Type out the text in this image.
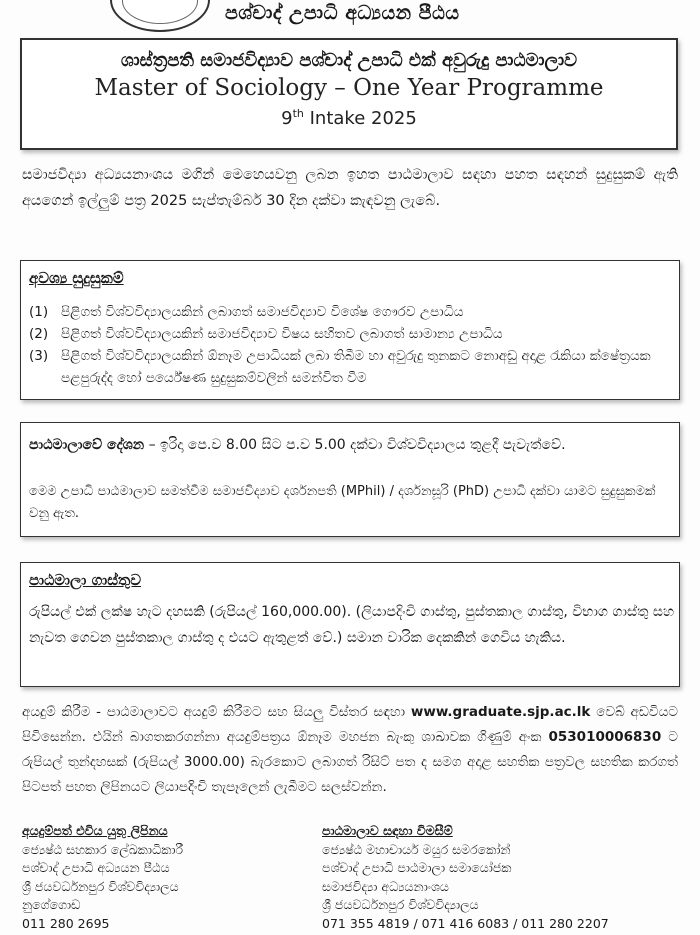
පශ්චාද් උපාධි අධ්‍යයන පීඨය
ශාස්ත්‍රපති සමාජවිද්‍යාව පශ්චාද් උපාධි එක් අවුරුදු පාඨමාලාව
Master of Sociology – One Year Programme
9th Intake 2025
සමාජවිද්‍යා අධ්‍යයනාංශය මගින් මෙහෙයවනු ලබන ඉහත පාඨමාලාව සඳහා පහත සඳහන් සුදුසුකම් ඇති අයගෙන් ඉල්ලුම් පත්‍ර 2025 සැප්තැම්බර් 30 දින දක්වා කැඳවනු ලැබේ.
අවශ්‍ය සුදුසුකම්
(1) පිළිගත් විශ්වවිද්‍යාලයකින් ලබාගත් සමාජවිද්‍යාව විශේෂ ගෞරව උපාධිය
(2) පිළිගත් විශ්වවිද්‍යාලයකින් සමාජවිද්‍යාව විෂය සහිතව ලබාගත් සාමාන්‍ය උපාධිය
(3) පිළිගත් විශ්වවිද්‍යාලයකින් ඕනෑම උපාධියක් ලබා තිබීම හා අවුරුදු තුනකට නොඅඩු අදාළ රැකියා ක්ෂේත්‍රයක පළපුරුද්ද හෝ පර්යේෂණ සුදුසුකම්වලින් සමන්විත වීම
පාඨමාලාවේ දේශන – ඉරිදා පෙ.ව 8.00 සිට ප.ව 5.00 දක්වා විශ්වවිද්‍යාලය තුළදී පැවැත්වේ.
මෙම උපාධි පාඨමාලාව සමත්වීම සමාජවිද්‍යාව දර්ශනපති (MPhil) / දර්ශනසූරි (PhD) උපාධි දක්වා යාමට සුදුසුකමක් වනු ඇත.
පාඨමාලා ගාස්තුව
රුපියල් එක් ලක්ෂ හැට දහසකි (රුපියල් 160,000.00). (ලියාපදිංචි ගාස්තු, පුස්තකාල ගාස්තු, විභාග ගාස්තු සහ නැවත ගෙවන පුස්තකාල ගාස්තු ද එයට ඇතුළත් වේ.) සමාන වාරික දෙකකින් ගෙවිය හැකිය.
අයදුම් කිරීම - පාඨමාලාවට අයදුම් කිරීමට සහ සියලු විස්තර සඳහා www.graduate.sjp.ac.lk වෙබ් අඩවියට පිවිසෙන්න. එයින් බාගතකරගන්නා අයදුම්පත්‍රය ඕනෑම මහජන බැංකු ශාඛාවක ගිණුම් අංක 053010006830 ට රුපියල් තුන්දහසක් (රුපියල් 3000.00) බැරකොට ලබාගත් රිසිට් පත ද සමග අදාළ සහතික පත්‍රවල සහතික කරගත් පිටපත් පහත ලිපිනයට ලියාපදිංචි තැපෑලෙන් ලැබීමට සලස්වන්න.
අයදුම්පත් එවිය යුතු ලිපිනය
ජ්‍යෙෂ්ඨ සහකාර ලේඛකාධිකාරී
පශ්චාද් උපාධි අධ්‍යයන පීඨය
ශ්‍රී ජයවර්ධනපුර විශ්වවිද්‍යාලය
නුගේගොඩ
011 280 2695
පාඨමාලාව සඳහා විමසීම්
ජ්‍යෙෂ්ඨ මහාචාර්ය මයුර සමරකෝන්
පශ්චාද් උපාධි පාඨමාලා සමායෝජක
සමාජවිද්‍යා අධ්‍යයනාංශය
ශ්‍රී ජයවර්ධනපුර විශ්වවිද්‍යාලය
071 355 4819 / 071 416 6083 / 011 280 2207
